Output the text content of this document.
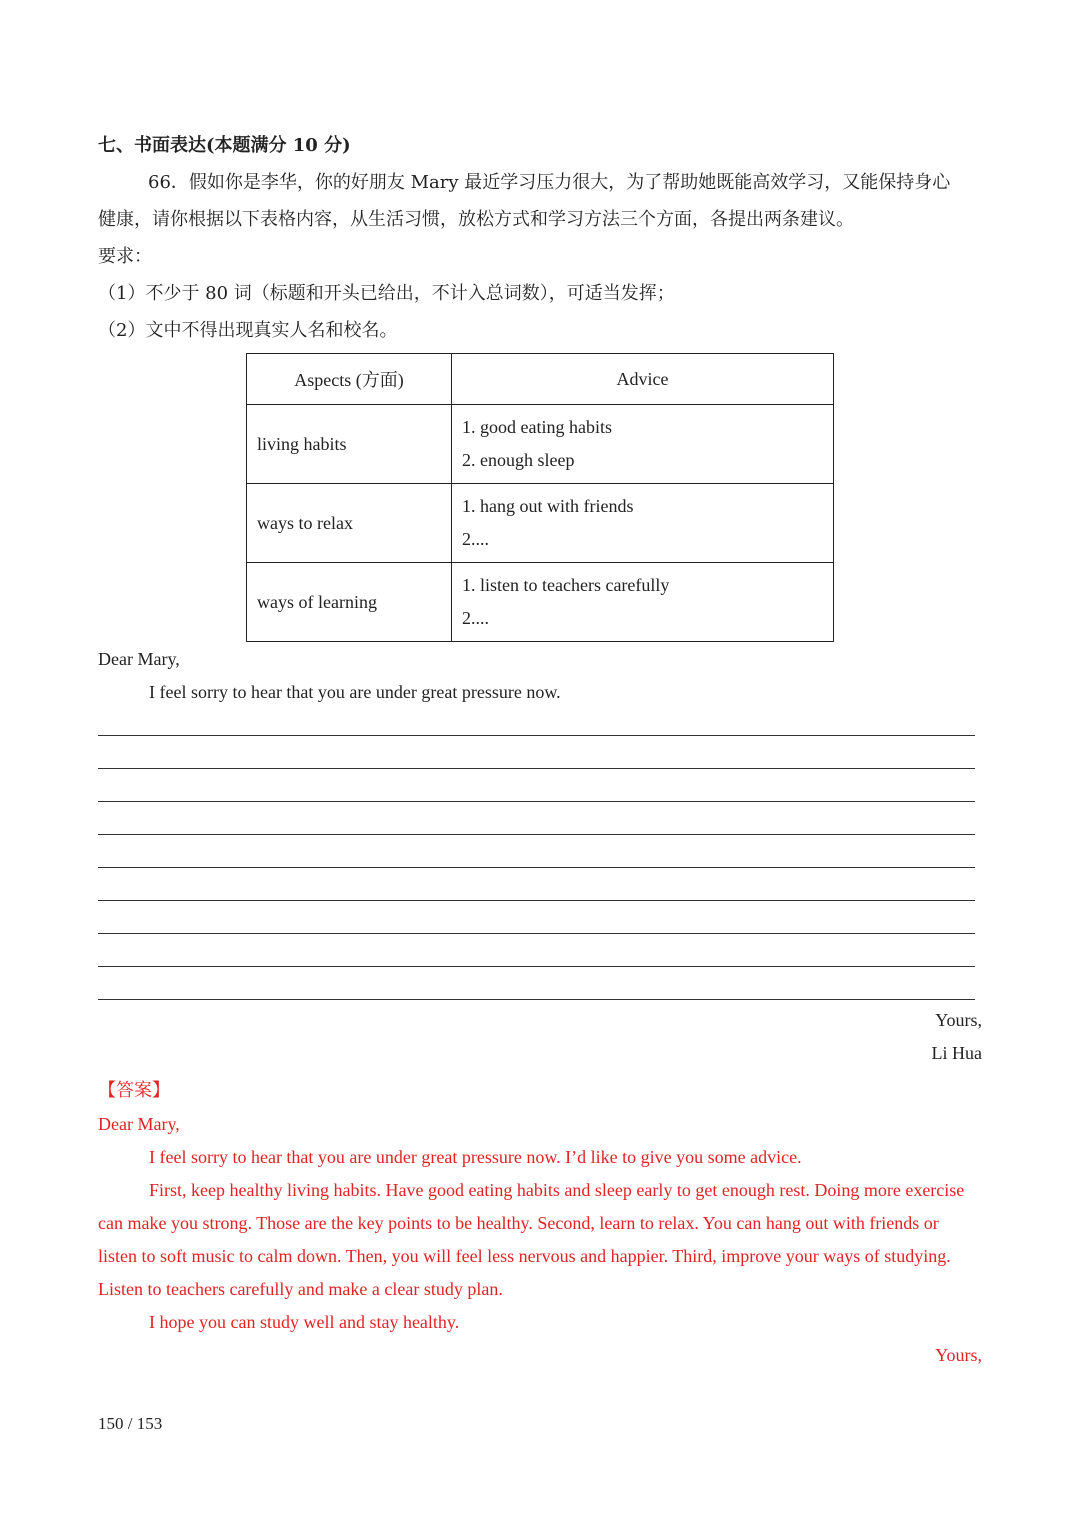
七、书面表达(本题满分 10 分)
66．假如你是李华，你的好朋友 Mary 最近学习压力很大，为了帮助她既能高效学习，又能保持身心
健康，请你根据以下表格内容，从生活习惯，放松方式和学习方法三个方面，各提出两条建议。
要求：
（1）不少于 80 词（标题和开头已给出，不计入总词数），可适当发挥；
（2）文中不得出现真实人名和校名。
Aspects (方面)	Advice
living habits	1. good eating habits
2. enough sleep

ways to relax	1. hang out with friends
2....

ways of learning	1. listen to teachers carefully
2....
Dear Mary,
I feel sorry to hear that you are under great pressure now.
Yours,
Li Hua
【答案】

Dear Mary,

I feel sorry to hear that you are under great pressure now. I’d like to give you some advice.

First, keep healthy living habits. Have good eating habits and sleep early to get enough rest. Doing more exercise can make you strong. Those are the key points to be healthy. Second, learn to relax. You can hang out with friends or listen to soft music to calm down. Then, you will feel less nervous and happier. Third, improve your ways of studying. Listen to teachers carefully and make a clear study plan.

I hope you can study well and stay healthy.

Yours,

150 / 153
